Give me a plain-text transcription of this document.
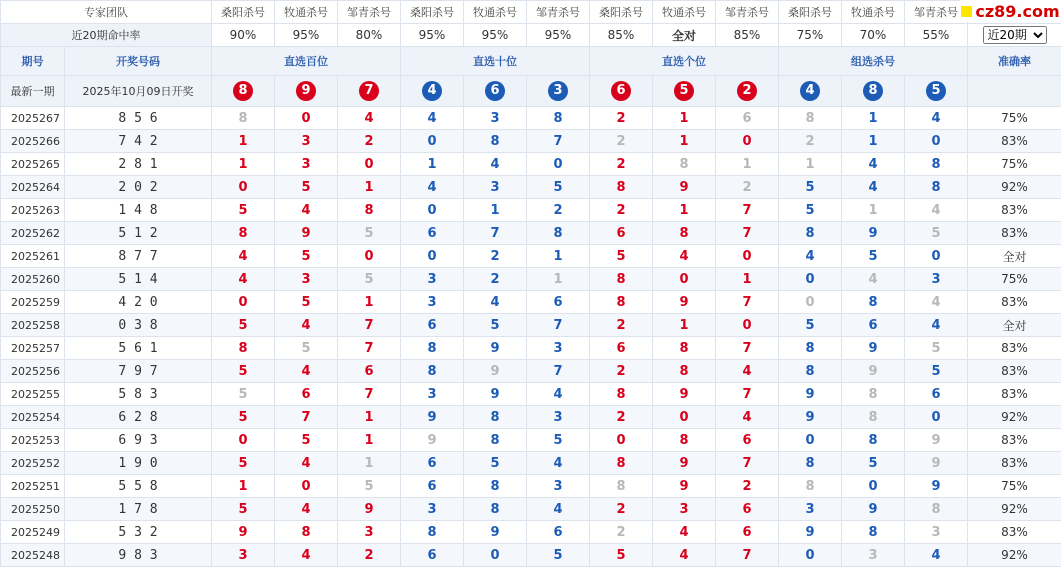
专家团队		桑阳杀号	牧通杀号	邹青杀号	桑阳杀号	牧通杀号	邹青杀号	桑阳杀号	牧通杀号	邹青杀号	桑阳杀号	牧通杀号	邹青杀号	
近20期命中率		90%	95%	80%	95%	95%	95%	85%	全对	85%	75%	70%	55%	
近20期
期号	开奖号码	直选百位			直选十位			直选个位			组选杀号			准确率
最新一期	2025年10月09日开奖	8	9	7	4	6	3	6	5	2	4	8	5	
2025267	8 5 6	8	0	4	4	3	8	2	1	6	8	1	4	75%
2025266	7 4 2	1	3	2	0	8	7	2	1	0	2	1	0	83%
2025265	2 8 1	1	3	0	1	4	0	2	8	1	1	4	8	75%
2025264	2 0 2	0	5	1	4	3	5	8	9	2	5	4	8	92%
2025263	1 4 8	5	4	8	0	1	2	2	1	7	5	1	4	83%
2025262	5 1 2	8	9	5	6	7	8	6	8	7	8	9	5	83%
2025261	8 7 7	4	5	0	0	2	1	5	4	0	4	5	0	全对
2025260	5 1 4	4	3	5	3	2	1	8	0	1	0	4	3	75%
2025259	4 2 0	0	5	1	3	4	6	8	9	7	0	8	4	83%
2025258	0 3 8	5	4	7	6	5	7	2	1	0	5	6	4	全对
2025257	5 6 1	8	5	7	8	9	3	6	8	7	8	9	5	83%
2025256	7 9 7	5	4	6	8	9	7	2	8	4	8	9	5	83%
2025255	5 8 3	5	6	7	3	9	4	8	9	7	9	8	6	83%
2025254	6 2 8	5	7	1	9	8	3	2	0	4	9	8	0	92%
2025253	6 9 3	0	5	1	9	8	5	0	8	6	0	8	9	83%
2025252	1 9 0	5	4	1	6	5	4	8	9	7	8	5	9	83%
2025251	5 5 8	1	0	5	6	8	3	8	9	2	8	0	9	75%
2025250	1 7 8	5	4	9	3	8	4	2	3	6	3	9	8	92%
2025249	5 3 2	9	8	3	8	9	6	2	4	6	9	8	3	83%
2025248	9 8 3	3	4	2	6	0	5	5	4	7	0	3	4	92%
cz89.com
